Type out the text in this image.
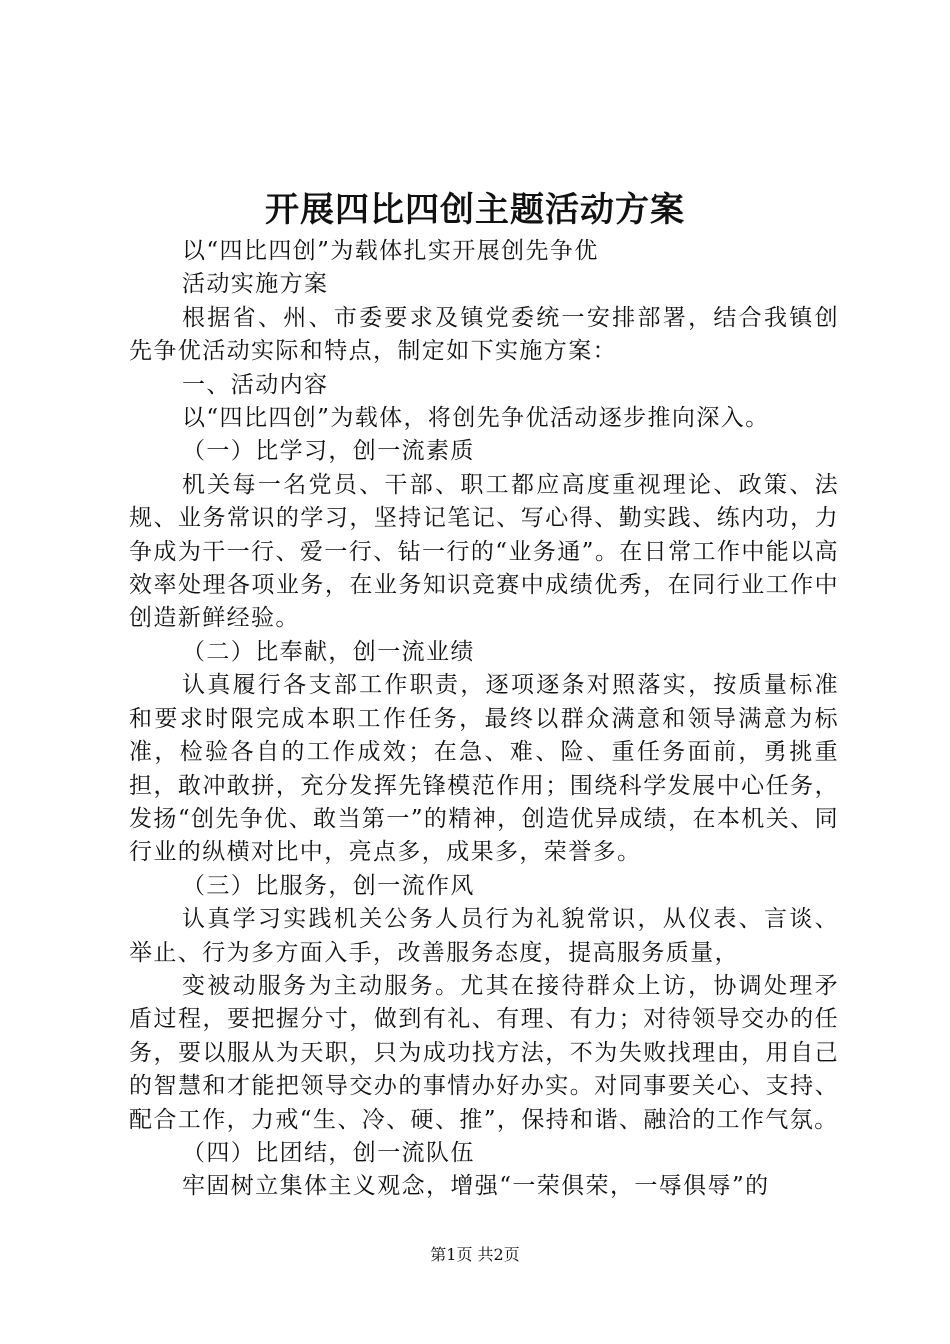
开展四比四创主题活动方案

以“四比四创”为载体扎实开展创先争优

活动实施方案

根据省、州、市委要求及镇党委统一安排部署，结合我镇创先争优活动实际和特点，制定如下实施方案：

一、活动内容

以“四比四创”为载体，将创先争优活动逐步推向深入。

（一）比学习，创一流素质

机关每一名党员、干部、职工都应高度重视理论、政策、法规、业务常识的学习，坚持记笔记、写心得、勤实践、练内功，力争成为干一行、爱一行、钻一行的“业务通”。在日常工作中能以高效率处理各项业务，在业务知识竞赛中成绩优秀，在同行业工作中创造新鲜经验。

（二）比奉献，创一流业绩

认真履行各支部工作职责，逐项逐条对照落实，按质量标准和要求时限完成本职工作任务，最终以群众满意和领导满意为标准，检验各自的工作成效；在急、难、险、重任务面前，勇挑重担，敢冲敢拼，充分发挥先锋模范作用；围绕科学发展中心任务，发扬“创先争优、敢当第一”的精神，创造优异成绩，在本机关、同行业的纵横对比中，亮点多，成果多，荣誉多。

（三）比服务，创一流作风

认真学习实践机关公务人员行为礼貌常识，从仪表、言谈、举止、行为多方面入手，改善服务态度，提高服务质量，

变被动服务为主动服务。尤其在接待群众上访，协调处理矛盾过程，要把握分寸，做到有礼、有理、有力；对待领导交办的任务，要以服从为天职，只为成功找方法，不为失败找理由，用自己的智慧和才能把领导交办的事情办好办实。对同事要关心、支持、配合工作，力戒“生、冷、硬、推”，保持和谐、融洽的工作气氛。

（四）比团结，创一流队伍

牢固树立集体主义观念，增强“一荣俱荣，一辱俱辱”的

第1页 共2页
